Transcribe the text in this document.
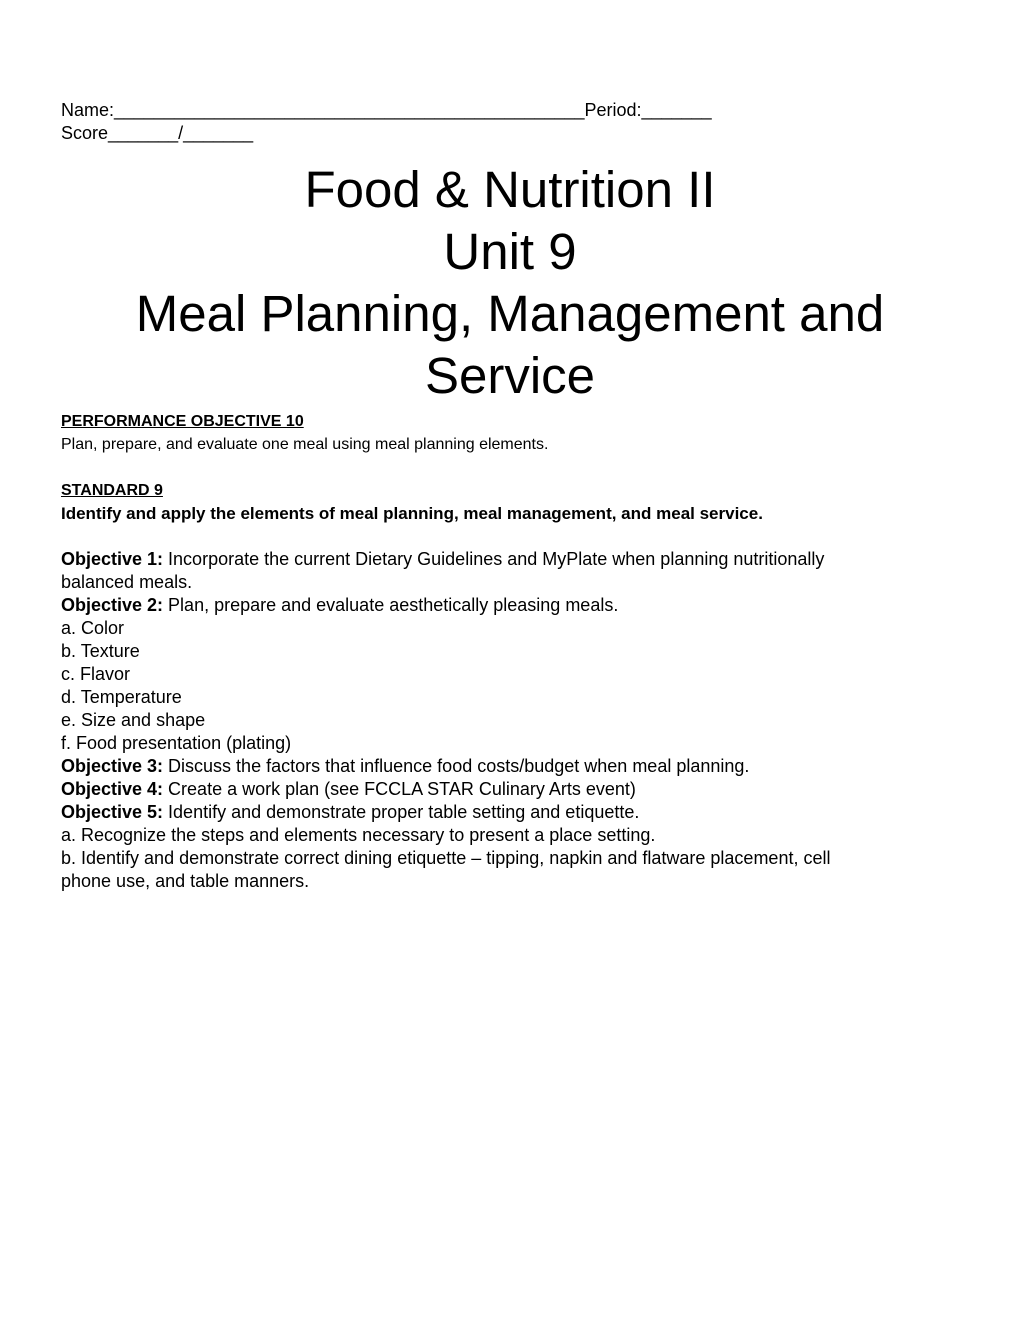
Name:_______________________________________________Period:_______
Score_______/_______
Food & Nutrition II
Unit 9
Meal Planning, Management and
Service
PERFORMANCE OBJECTIVE 10
Plan, prepare, and evaluate one meal using meal planning elements.
STANDARD 9
Identify and apply the elements of meal planning, meal management, and meal service.
Objective 1: Incorporate the current Dietary Guidelines and MyPlate when planning nutritionally
balanced meals.
Objective 2: Plan, prepare and evaluate aesthetically pleasing meals.
a. Color
b. Texture
c. Flavor
d. Temperature
e. Size and shape
f. Food presentation (plating)
Objective 3: Discuss the factors that influence food costs/budget when meal planning.
Objective 4: Create a work plan (see FCCLA STAR Culinary Arts event)
Objective 5: Identify and demonstrate proper table setting and etiquette.
a. Recognize the steps and elements necessary to present a place setting.
b. Identify and demonstrate correct dining etiquette – tipping, napkin and flatware placement, cell
phone use, and table manners.
